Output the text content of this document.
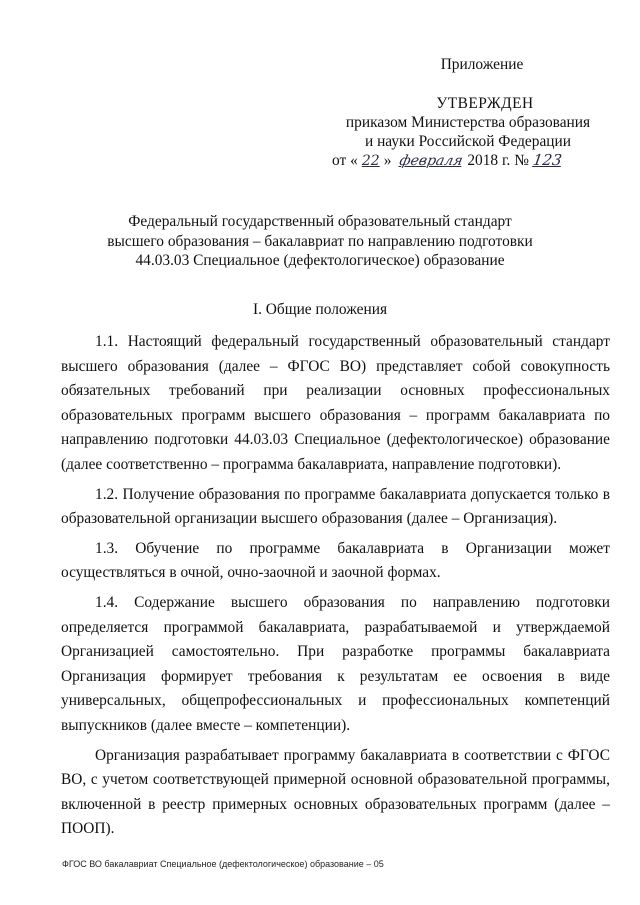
Приложение
УТВЕРЖДЕН
приказом Министерства образования
и науки Российской Федерации
от « 22 » февраля 2018 г. № 123
Федеральный государственный образовательный стандарт
высшего образования – бакалавриат по направлению подготовки
44.03.03 Специальное (дефектологическое) образование
I. Общие положения

1.1. Настоящий федеральный государственный образовательный стандарт высшего образования (далее – ФГОС ВО) представляет собой совокупность обязательных требований при реализации основных профессиональных образовательных программ высшего образования – программ бакалавриата по направлению подготовки 44.03.03 Специальное (дефектологическое) образование (далее соответственно – программа бакалавриата, направление подготовки).

1.2. Получение образования по программе бакалавриата допускается только в образовательной организации высшего образования (далее – Организация).

1.3. Обучение по программе бакалавриата в Организации может осуществляться в очной, очно-заочной и заочной формах.

1.4. Содержание высшего образования по направлению подготовки определяется программой бакалавриата, разрабатываемой и утверждаемой Организацией самостоятельно. При разработке программы бакалавриата Организация формирует требования к результатам ее освоения в виде универсальных, общепрофессиональных и профессиональных компетенций выпускников (далее вместе – компетенции).

Организация разрабатывает программу бакалавриата в соответствии с ФГОС ВО, с учетом соответствующей примерной основной образовательной программы, включенной в реестр примерных основных образовательных программ (далее – ПООП).

ФГОС ВО бакалавриат Специальное (дефектологическое) образование – 05
